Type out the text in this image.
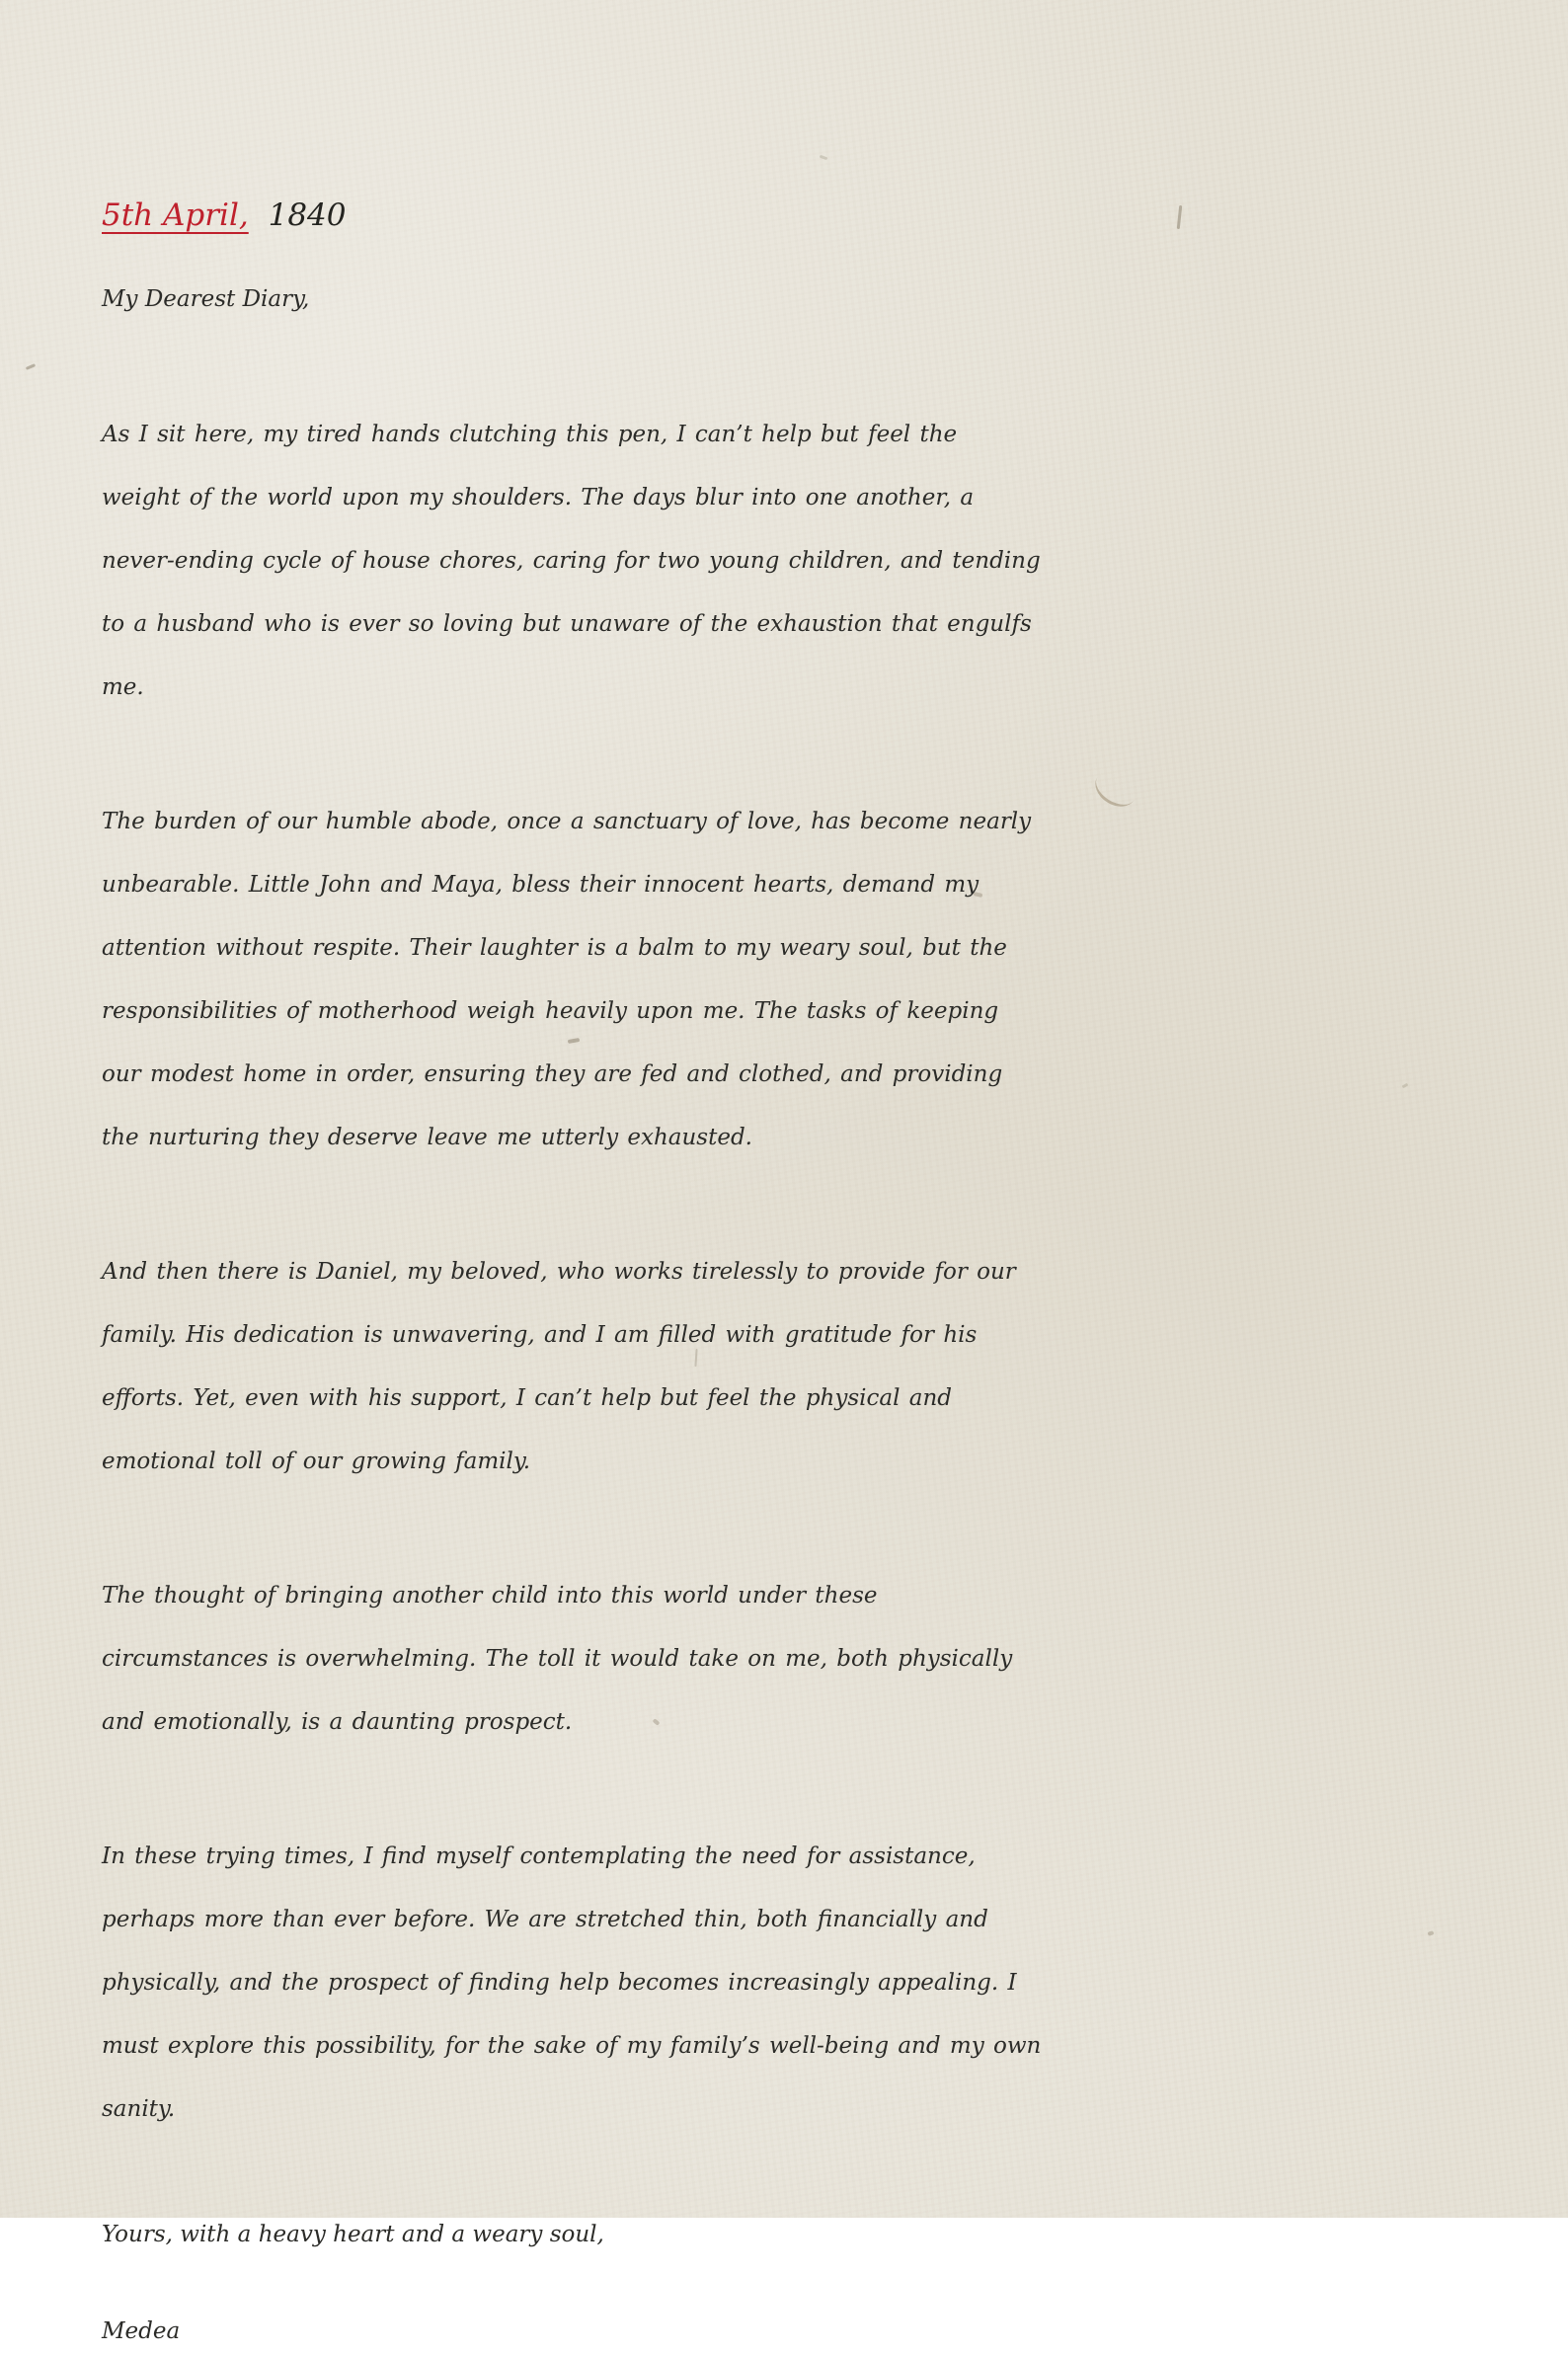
5th April, 1840

My Dearest Diary,

As I sit here, my tired hands clutching this pen, I can’t help but feel the weight of the world upon my shoulders. The days blur into one another, a never-ending cycle of house chores, caring for two young children, and tending to a husband who is ever so loving but unaware of the exhaustion that engulfs me.

The burden of our humble abode, once a sanctuary of love, has become nearly unbearable. Little John and Maya, bless their innocent hearts, demand my attention without respite. Their laughter is a balm to my weary soul, but the responsibilities of motherhood weigh heavily upon me. The tasks of keeping our modest home in order, ensuring they are fed and clothed, and providing the nurturing they deserve leave me utterly exhausted.

And then there is Daniel, my beloved, who works tirelessly to provide for our family. His dedication is unwavering, and I am filled with gratitude for his efforts. Yet, even with his support, I can’t help but feel the physical and emotional toll of our growing family.

The thought of bringing another child into this world under these circumstances is overwhelming. The toll it would take on me, both physically and emotionally, is a daunting prospect.

In these trying times, I find myself contemplating the need for assistance, perhaps more than ever before. We are stretched thin, both financially and physically, and the prospect of finding help becomes increasingly appealing. I must explore this possibility, for the sake of my family’s well-being and my own sanity.

Yours, with a heavy heart and a weary soul,

Medea
